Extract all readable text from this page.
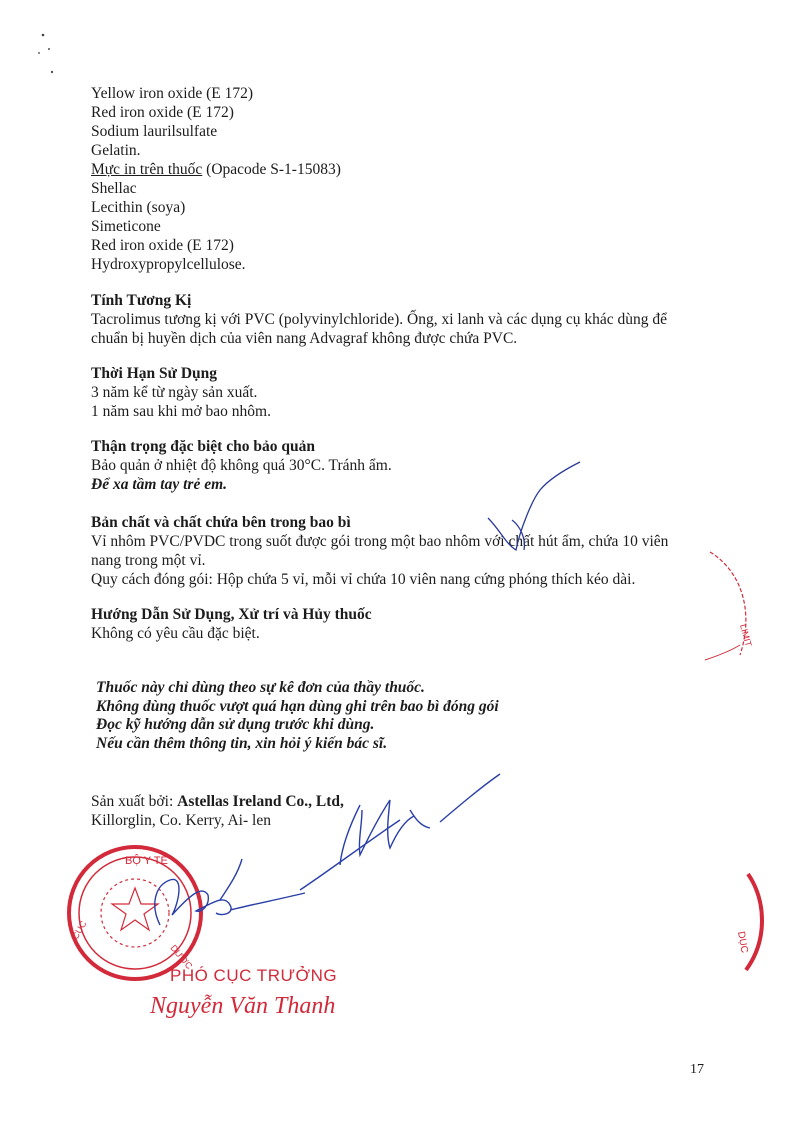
Yellow iron oxide (E 172)
Red iron oxide (E 172)
Sodium laurilsulfate
Gelatin.
Mực in trên thuốc (Opacode S-1-15083)
Shellac
Lecithin (soya)
Simeticone
Red iron oxide (E 172)
Hydroxypropylcellulose.
Tính Tương Kị
Tacrolimus tương kị với PVC (polyvinylchloride). Ống, xi lanh và các dụng cụ khác dùng để
chuẩn bị huyền dịch của viên nang Advagraf không được chứa PVC.
Thời Hạn Sử Dụng
3 năm kể từ ngày sản xuất.
1 năm sau khi mở bao nhôm.
Thận trọng đặc biệt cho bảo quản
Bảo quản ở nhiệt độ không quá 30°C. Tránh ẩm.
Để xa tầm tay trẻ em.
Bản chất và chất chứa bên trong bao bì
Vỉ nhôm PVC/PVDC trong suốt được gói trong một bao nhôm với chất hút ẩm, chứa 10 viên
nang trong một vỉ.
Quy cách đóng gói: Hộp chứa 5 vỉ, mỗi vỉ chứa 10 viên nang cứng phóng thích kéo dài.
Hướng Dẫn Sử Dụng, Xử trí và Hủy thuốc
Không có yêu cầu đặc biệt.
Thuốc này chỉ dùng theo sự kê đơn của thầy thuốc.
Không dùng thuốc vượt quá hạn dùng ghi trên bao bì đóng gói
Đọc kỹ hướng dẫn sử dụng trước khi dùng.
Nếu cần thêm thông tin, xin hỏi ý kiến bác sĩ.
Sản xuất bởi: Astellas Ireland Co., Ltd,
Killorglin, Co. Kerry, Ai- len
BỘ Y TẾ
CỤC
DƯỢC
PHÓ CỤC TRƯỞNG
Nguyễn Văn Thanh
LIMIT
DỤC
17
